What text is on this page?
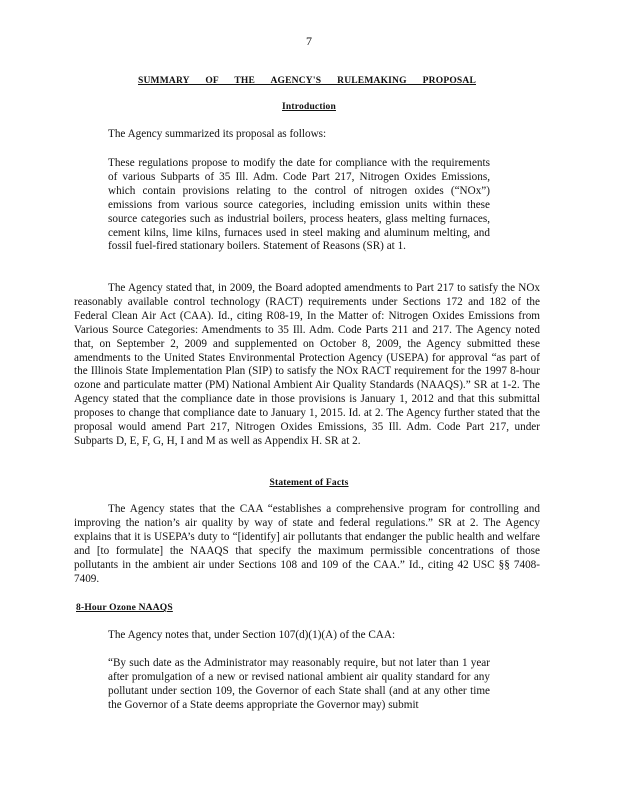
7
SUMMARY OF THE AGENCY'S RULEMAKING PROPOSAL
Introduction
The Agency summarized its proposal as follows:
These regulations propose to modify the date for compliance with the requirements of various Subparts of 35 Ill. Adm. Code Part 217, Nitrogen Oxides Emissions, which contain provisions relating to the control of nitrogen oxides (“NOx”) emissions from various source categories, including emission units within these source categories such as industrial boilers, process heaters, glass melting furnaces, cement kilns, lime kilns, furnaces used in steel making and aluminum melting, and fossil fuel-fired stationary boilers. Statement of Reasons (SR) at 1.
The Agency stated that, in 2009, the Board adopted amendments to Part 217 to satisfy the NOx reasonably available control technology (RACT) requirements under Sections 172 and 182 of the Federal Clean Air Act (CAA). Id., citing R08-19, In the Matter of: Nitrogen Oxides Emissions from Various Source Categories: Amendments to 35 Ill. Adm. Code Parts 211 and 217. The Agency noted that, on September 2, 2009 and supplemented on October 8, 2009, the Agency submitted these amendments to the United States Environmental Protection Agency (USEPA) for approval “as part of the Illinois State Implementation Plan (SIP) to satisfy the NOx RACT requirement for the 1997 8-hour ozone and particulate matter (PM) National Ambient Air Quality Standards (NAAQS).” SR at 1-2. The Agency stated that the compliance date in those provisions is January 1, 2012 and that this submittal proposes to change that compliance date to January 1, 2015. Id. at 2. The Agency further stated that the proposal would amend Part 217, Nitrogen Oxides Emissions, 35 Ill. Adm. Code Part 217, under Subparts D, E, F, G, H, I and M as well as Appendix H. SR at 2.
Statement of Facts
The Agency states that the CAA “establishes a comprehensive program for controlling and improving the nation’s air quality by way of state and federal regulations.” SR at 2. The Agency explains that it is USEPA’s duty to “[identify] air pollutants that endanger the public health and welfare and [to formulate] the NAAQS that specify the maximum permissible concentrations of those pollutants in the ambient air under Sections 108 and 109 of the CAA.” Id., citing 42 USC §§ 7408-7409.
8-Hour Ozone NAAQS
The Agency notes that, under Section 107(d)(1)(A) of the CAA:
“By such date as the Administrator may reasonably require, but not later than 1 year after promulgation of a new or revised national ambient air quality standard for any pollutant under section 109, the Governor of each State shall (and at any other time the Governor of a State deems appropriate the Governor may) submit
